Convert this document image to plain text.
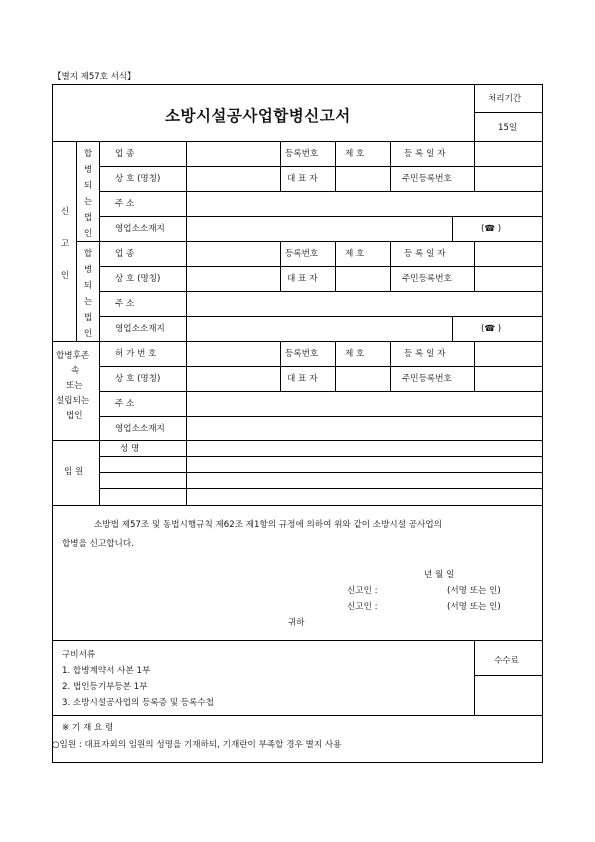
【별지 제57호 서식】
소방시설공사업합병신고서
처리기간
15일
신
고
인
합
병
되
는
법
인
합
병
되
는
법
인
합병후존
속
또는
설립되는
법인
임 원
업 종	등록번호	제 호	등 록 일 자
상 호 (명칭)	대 표 자	주민등록번호
주 소
영업소소재지	(☎ )
업 종	등록번호	제 호	등 록 일 자
상 호 (명칭)	대 표 자	주민등록번호
주 소
영업소소재지	(☎ )
허 가 번 호	등록번호	제 호	등 록 일 자
상 호 (명칭)	대 표 자	주민등록번호
주 소
영업소소재지
성 명
소방법 제57조 및 동법시행규칙 제62조 제1항의 규정에 의하여 위와 같이 소방시설 공사업의
합병을 신고합니다.
년 월 일
신고인 :	(서명 또는 인)
신고인 :	(서명 또는 인)
귀하
구비서류
1. 합병계약서 사본 1부
2. 법인등기부등본 1부
3. 소방시설공사업의 등록증 및 등록수첩
수수료
※ 기 재 요 령
○임원 : 대표자외의 임원의 성명을 기재하되, 기재란이 부족할 경우 별지 사용
